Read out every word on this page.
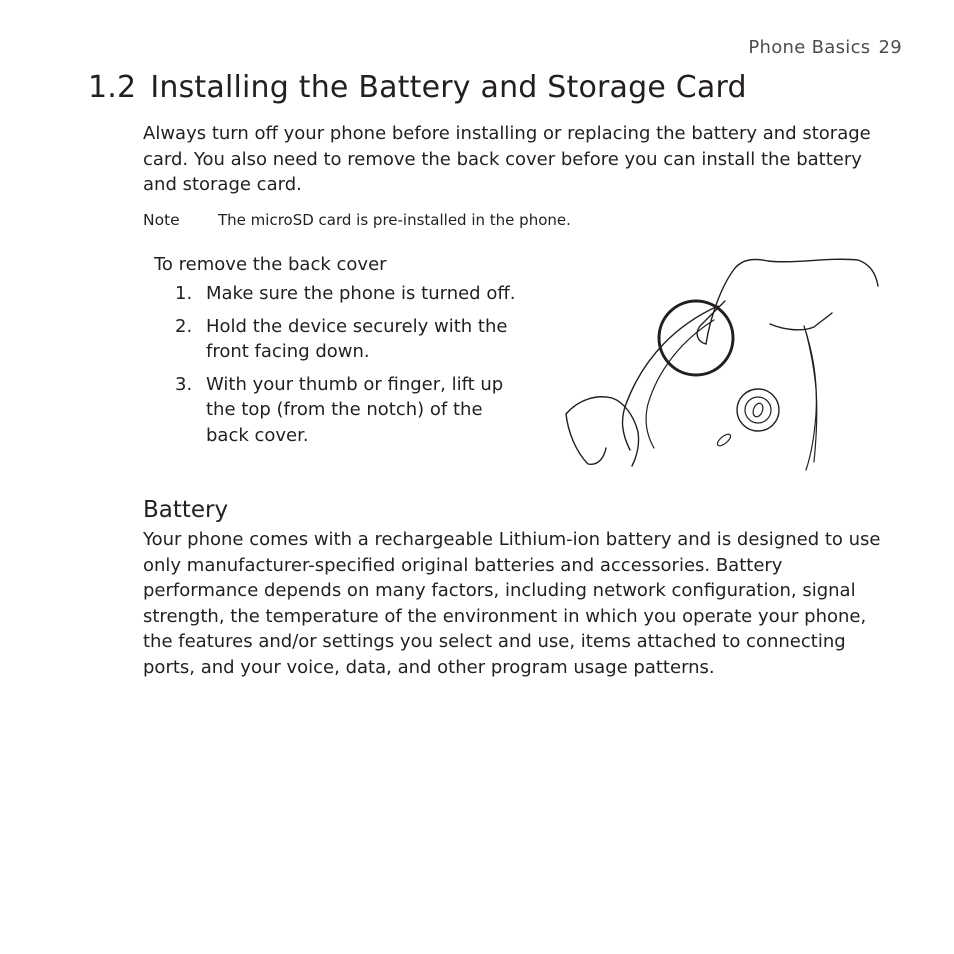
Phone Basics 29
1.2 Installing the Battery and Storage Card

Always turn off your phone before installing or replacing the battery and storage card. You also need to remove the back cover before you can install the battery and storage card.

Note	The microSD card is pre-installed in the phone.
To remove the back cover
1. Make sure the phone is turned off.
2. Hold the device securely with the front facing down.
3. With your thumb or finger, lift up the top (from the notch) of the back cover.
Battery

Your phone comes with a rechargeable Lithium-ion battery and is designed to use only manufacturer-specified original batteries and accessories. Battery performance depends on many factors, including network configuration, signal strength, the temperature of the environment in which you operate your phone, the features and/or settings you select and use, items attached to connecting ports, and your voice, data, and other program usage patterns.
